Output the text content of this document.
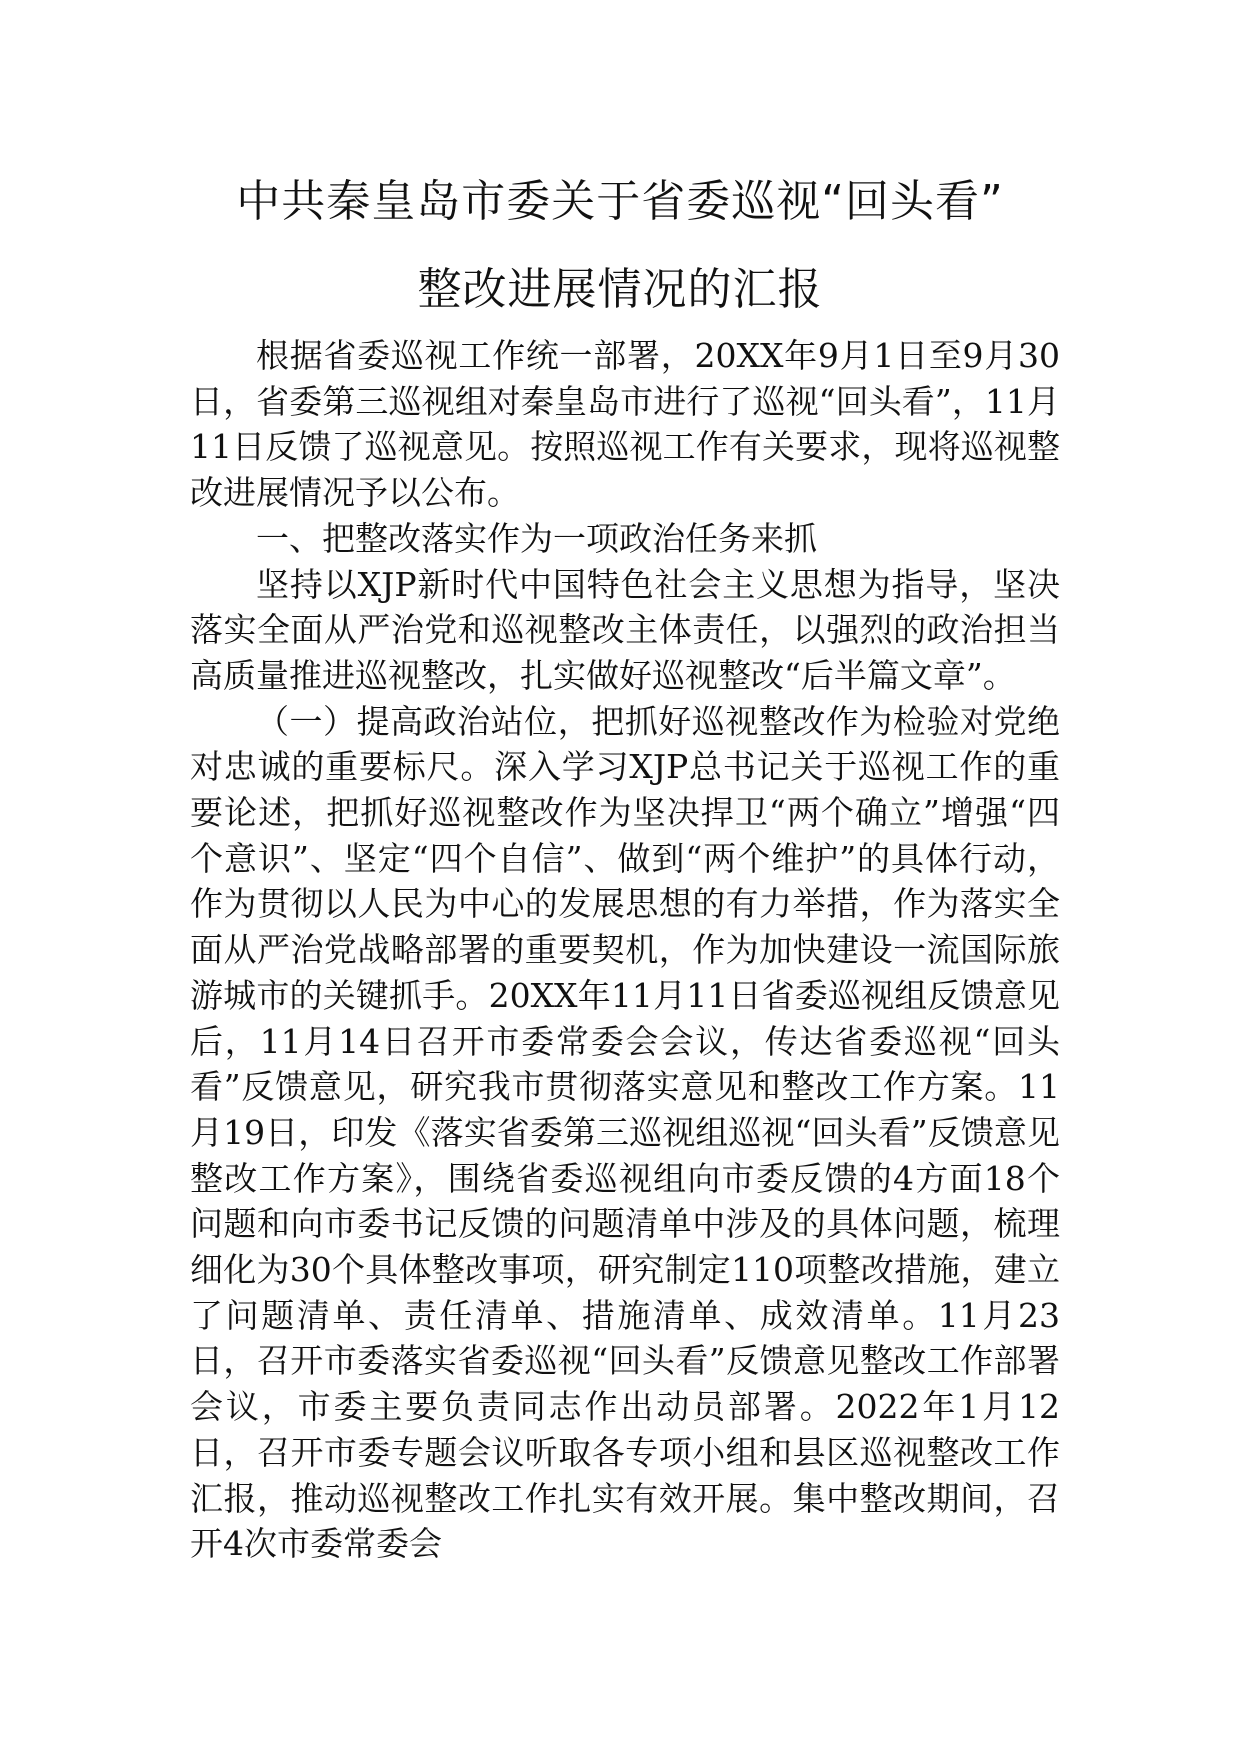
中共秦皇岛市委关于省委巡视“回头看”
整改进展情况的汇报

根据省委巡视工作统一部署，20XX年9月1日至9月30日，省委第三巡视组对秦皇岛市进行了巡视“回头看”，11月11日反馈了巡视意见。按照巡视工作有关要求，现将巡视整改进展情况予以公布。

一、把整改落实作为一项政治任务来抓

坚持以XJP新时代中国特色社会主义思想为指导，坚决落实全面从严治党和巡视整改主体责任，以强烈的政治担当高质量推进巡视整改，扎实做好巡视整改“后半篇文章”。

（一）提高政治站位，把抓好巡视整改作为检验对党绝对忠诚的重要标尺。深入学习XJP总书记关于巡视工作的重要论述，把抓好巡视整改作为坚决捍卫“两个确立”增强“四个意识”、坚定“四个自信”、做到“两个维护”的具体行动，作为贯彻以人民为中心的发展思想的有力举措，作为落实全面从严治党战略部署的重要契机，作为加快建设一流国际旅游城市的关键抓手。20XX年11月11日省委巡视组反馈意见后，11月14日召开市委常委会会议，传达省委巡视“回头看”反馈意见，研究我市贯彻落实意见和整改工作方案。11月19日，印发《落实省委第三巡视组巡视“回头看”反馈意见整改工作方案》，围绕省委巡视组向市委反馈的4方面18个问题和向市委书记反馈的问题清单中涉及的具体问题，梳理细化为30个具体整改事项，研究制定110项整改措施，建立了问题清单、责任清单、措施清单、成效清单。11月23日，召开市委落实省委巡视“回头看”反馈意见整改工作部署会议，市委主要负责同志作出动员部署。2022年1月12日，召开市委专题会议听取各专项小组和县区巡视整改工作汇报，推动巡视整改工作扎实有效开展。集中整改期间，召开4次市委常委会
